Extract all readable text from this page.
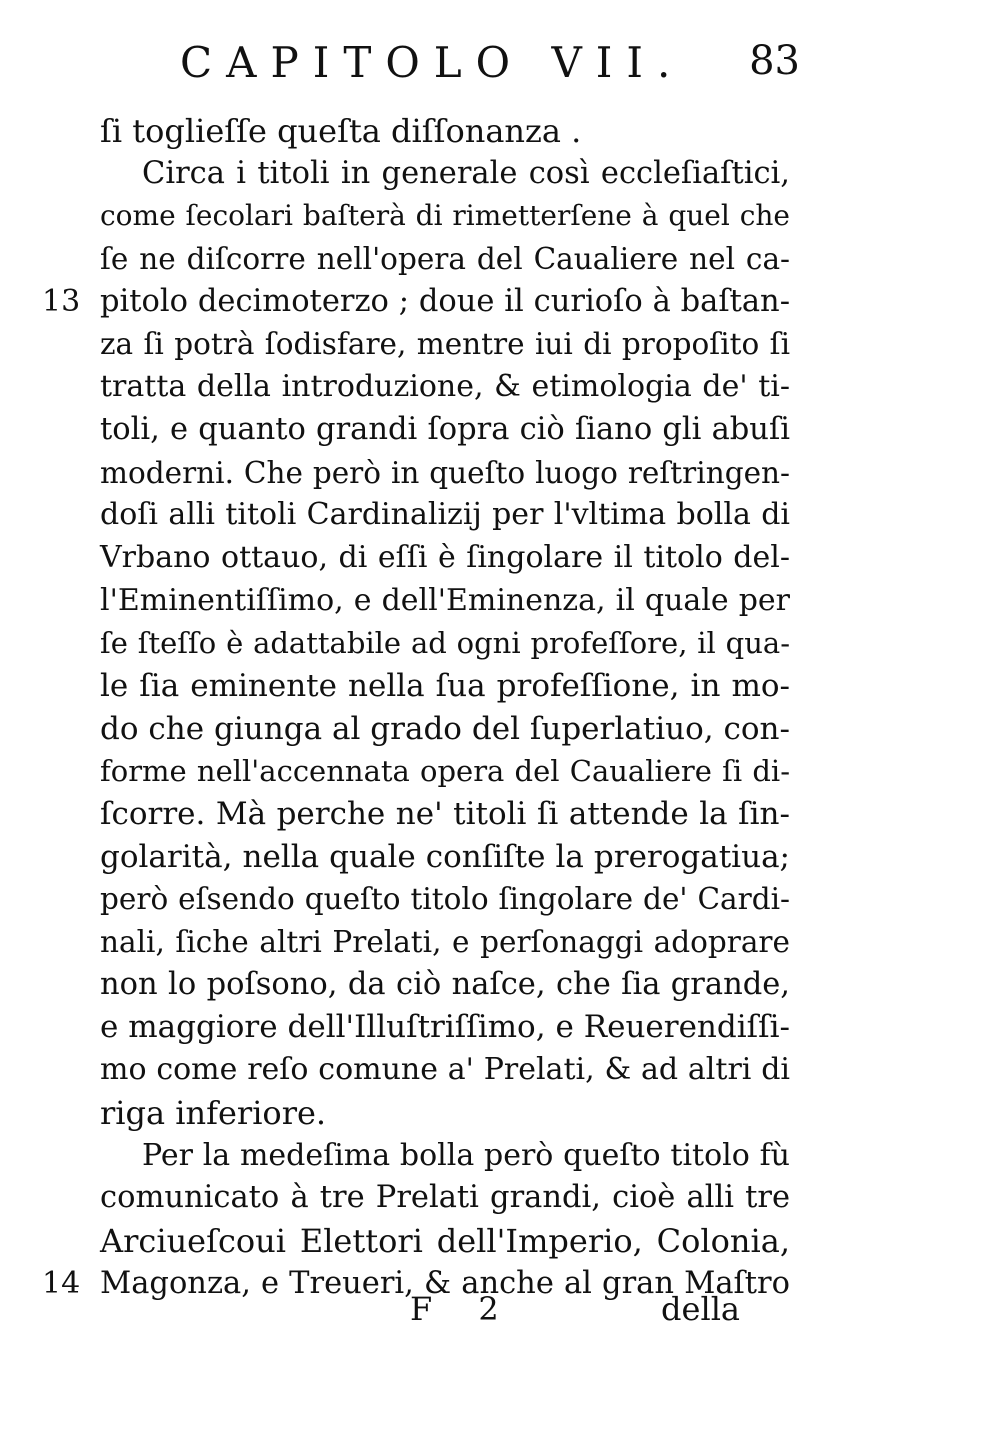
CAPITOLO VII. 83
ſi toglieſſe queſta diſſonanza .
Circa i titoli in generale così eccleſiaſtici,
come ſecolari baſterà di rimetterſene à quel che
ſe ne diſcorre nell'opera del Caualiere nel ca-
13 pitolo decimoterzo ; doue il curioſo à baſtan-
za ſi potrà ſodisfare, mentre iui di propoſito ſi
tratta della introduzione, & etimologia de' ti-
toli, e quanto grandi ſopra ciò ſiano gli abuſi
moderni. Che però in queſto luogo reſtringen-
doſi alli titoli Cardinalizij per l'vltima bolla di
Vrbano ottauo, di eſſi è ſingolare il titolo del-
l'Eminentiſſimo, e dell'Eminenza, il quale per
ſe ſteſſo è adattabile ad ogni profeſſore, il qua-
le ſia eminente nella ſua profeſſione, in mo-
do che giunga al grado del ſuperlatiuo, con-
forme nell'accennata opera del Caualiere ſi di-
ſcorre. Mà perche ne' titoli ſi attende la ſin-
golarità, nella quale conſiſte la prerogatiua;
però eſsendo queſto titolo ſingolare de' Cardi-
nali, ſiche altri Prelati, e perſonaggi adoprare
non lo poſsono, da ciò naſce, che ſia grande,
e maggiore dell'Illuſtriſſimo, e Reuerendiſſi-
mo come reſo comune a' Prelati, & ad altri di
riga inferiore.
Per la medeſima bolla però queſto titolo fù
comunicato à tre Prelati grandi, cioè alli tre
Arciueſcoui Elettori dell'Imperio, Colonia,
14 Magonza, e Treueri, & anche al gran Maſtro
F 2	della
